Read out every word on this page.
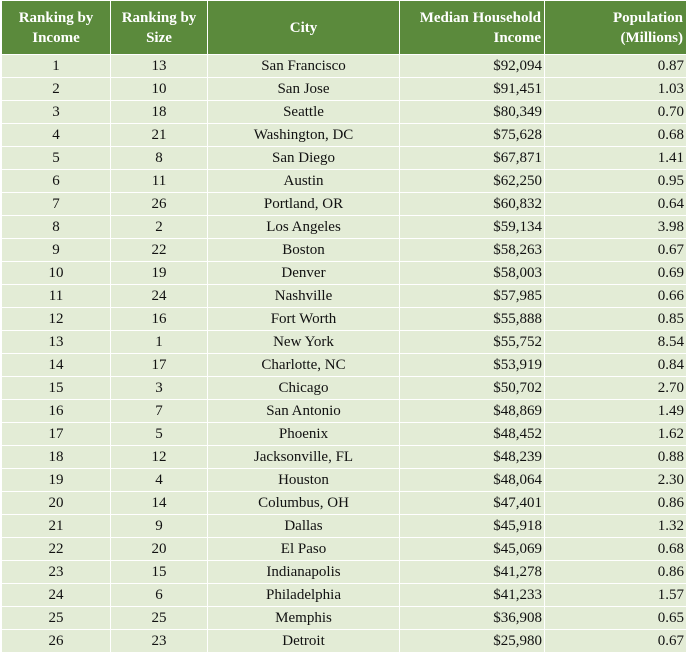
Ranking by Income	Ranking by Size	City	Median Household Income	Population (Millions)
1	13	San Francisco	$92,094	0.87
2	10	San Jose	$91,451	1.03
3	18	Seattle	$80,349	0.70
4	21	Washington, DC	$75,628	0.68
5	8	San Diego	$67,871	1.41
6	11	Austin	$62,250	0.95
7	26	Portland, OR	$60,832	0.64
8	2	Los Angeles	$59,134	3.98
9	22	Boston	$58,263	0.67
10	19	Denver	$58,003	0.69
11	24	Nashville	$57,985	0.66
12	16	Fort Worth	$55,888	0.85
13	1	New York	$55,752	8.54
14	17	Charlotte, NC	$53,919	0.84
15	3	Chicago	$50,702	2.70
16	7	San Antonio	$48,869	1.49
17	5	Phoenix	$48,452	1.62
18	12	Jacksonville, FL	$48,239	0.88
19	4	Houston	$48,064	2.30
20	14	Columbus, OH	$47,401	0.86
21	9	Dallas	$45,918	1.32
22	20	El Paso	$45,069	0.68
23	15	Indianapolis	$41,278	0.86
24	6	Philadelphia	$41,233	1.57
25	25	Memphis	$36,908	0.65
26	23	Detroit	$25,980	0.67
